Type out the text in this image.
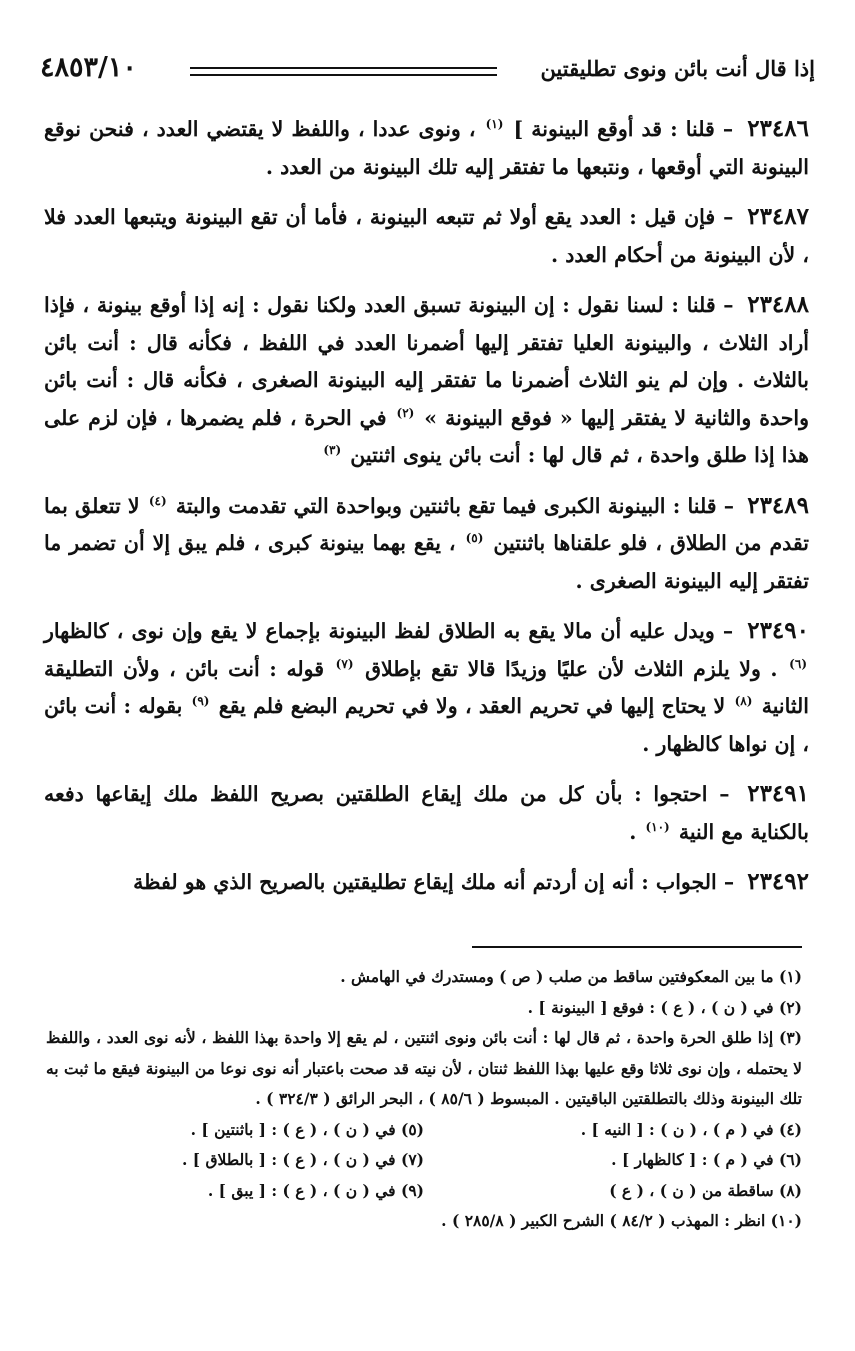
إذا قال أنت بائن ونوى تطليقتين
٤٨٥٣/١٠

٢٣٤٨٦ – قلنا : قد أوقع البينونة ] $^{(١)}$ ، ونوى عددا ، واللفظ لا يقتضي العدد ، فنحن نوقع البينونة التي أوقعها ، ونتبعها ما تفتقر إليه تلك البينونة من العدد .

٢٣٤٨٧ – فإن قيل : العدد يقع أولا ثم تتبعه البينونة ، فأما أن تقع البينونة ويتبعها العدد فلا ، لأن البينونة من أحكام العدد .

٢٣٤٨٨ – قلنا : لسنا نقول : إن البينونة تسبق العدد ولكنا نقول : إنه إذا أوقع بينونة ، فإذا أراد الثلاث ، والبينونة العليا تفتقر إليها أضمرنا العدد في اللفظ ، فكأنه قال : أنت بائن بالثلاث . وإن لم ينو الثلاث أضمرنا ما تفتقر إليه البينونة الصغرى ، فكأنه قال : أنت بائن واحدة والثانية لا يفتقر إليها « فوقع البينونة » $^{(٢)}$ في الحرة ، فلم يضمرها ، فإن لزم على هذا إذا طلق واحدة ، ثم قال لها : أنت بائن ينوى اثنتين $^{(٣)}$

٢٣٤٨٩ – قلنا : البينونة الكبرى فيما تقع باثنتين وبواحدة التي تقدمت والبتة $^{(٤)}$ لا تتعلق بما تقدم من الطلاق ، فلو علقناها باثنتين $^{(٥)}$ ، يقع بهما بينونة كبرى ، فلم يبق إلا أن تضمر ما تفتقر إليه البينونة الصغرى .

٢٣٤٩٠ – ويدل عليه أن مالا يقع به الطلاق لفظ البينونة بإجماع لا يقع وإن نوى ، كالظهار $^{(٦)}$ . ولا يلزم الثلاث لأن عليًا وزيدًا قالا تقع بإطلاق $^{(٧)}$ قوله : أنت بائن ، ولأن التطليقة الثانية $^{(٨)}$ لا يحتاج إليها في تحريم العقد ، ولا في تحريم البضع فلم يقع $^{(٩)}$ بقوله : أنت بائن ، إن نواها كالظهار .

٢٣٤٩١ – احتجوا : بأن كل من ملك إيقاع الطلقتين بصريح اللفظ ملك إيقاعها دفعه بالكناية مع النية $^{(١٠)}$ .

٢٣٤٩٢ – الجواب : أنه إن أردتم أنه ملك إيقاع تطليقتين بالصريح الذي هو لفظة

(١) ما بين المعكوفتين ساقط من صلب ( ص ) ومستدرك في الهامش .

(٢) في ( ن ) ، ( ع ) : فوقع [ البينونة ] .

(٣) إذا طلق الحرة واحدة ، ثم قال لها : أنت بائن ونوى اثنتين ، لم يقع إلا واحدة بهذا اللفظ ، لأنه نوى العدد ، واللفظ لا يحتمله ، وإن نوى ثلاثا وقع عليها بهذا اللفظ ثنتان ، لأن نيته قد صحت باعتبار أنه نوى نوعا من البينونة فيقع ما ثبت به تلك البينونة وذلك بالتطلقتين الباقيتين . المبسوط ( ٨٥/٦ ) ، البحر الرائق ( ٣٢٤/٣ ) .

(٤) في ( م ) ، ( ن ) : [ النيه ] .
(٥) في ( ن ) ، ( ع ) : [ باثنتين ] .
(٦) في ( م ) : [ كالظهار ] .
(٧) في ( ن ) ، ( ع ) : [ بالطلاق ] .
(٨) ساقطة من ( ن ) ، ( ع )
(٩) في ( ن ) ، ( ع ) : [ يبق ] .

(١٠) انظر : المهذب ( ٨٤/٢ ) الشرح الكبير ( ٢٨٥/٨ ) .
